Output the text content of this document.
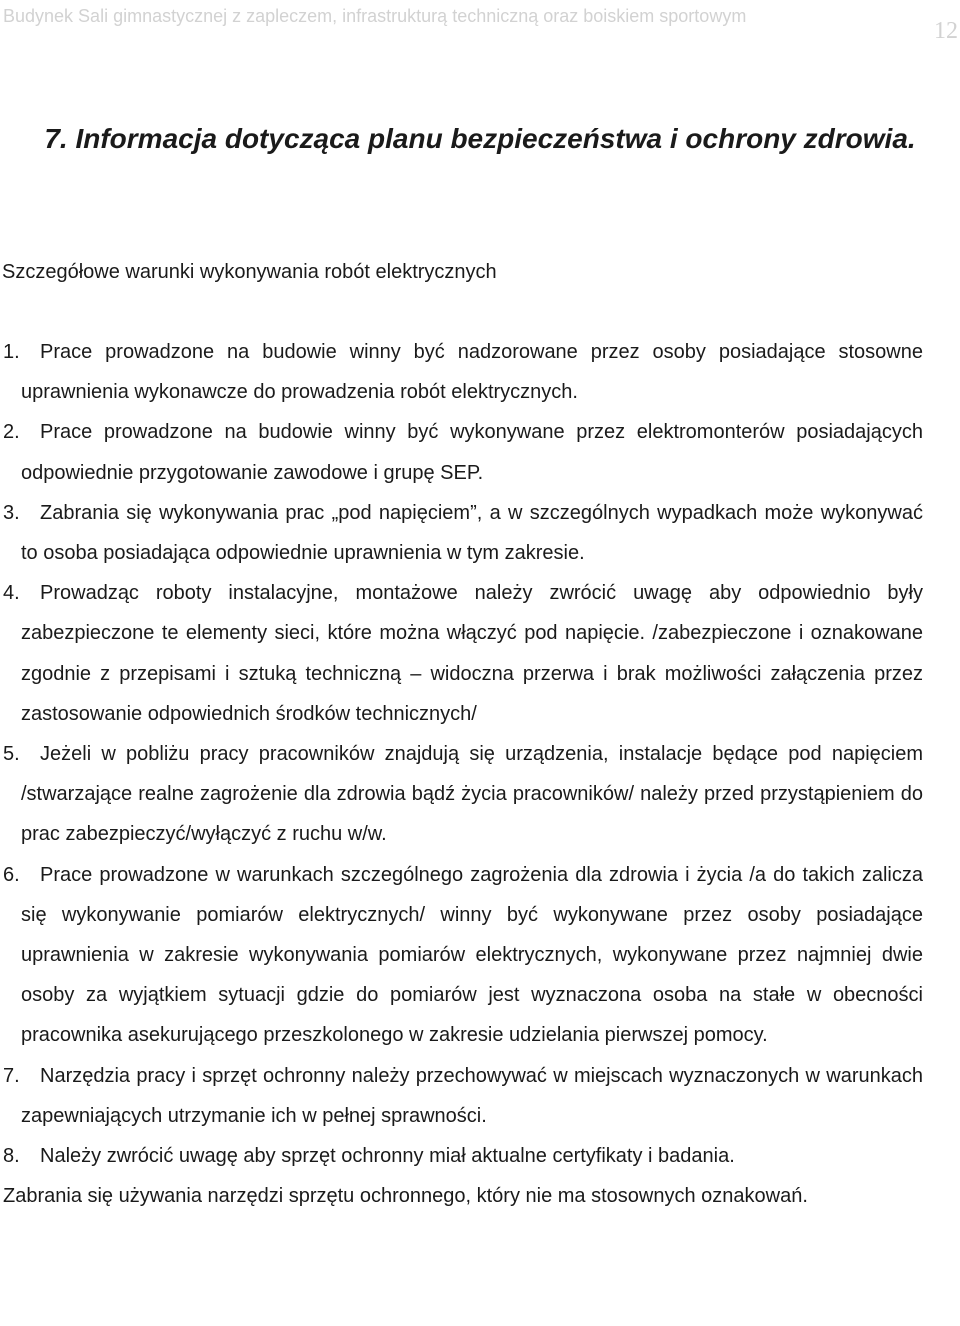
Budynek Sali gimnastycznej z zapleczem, infrastrukturą techniczną oraz boiskiem sportowym
12
7. Informacja dotycząca planu bezpieczeństwa i ochrony zdrowia.

Szczegółowe warunki wykonywania robót elektrycznych

1. Prace prowadzone na budowie winny być nadzorowane przez osoby posiadające stosowne uprawnienia wykonawcze do prowadzenia robót elektrycznych.
2. Prace prowadzone na budowie winny być wykonywane przez elektromonterów posiadających odpowiednie przygotowanie zawodowe i grupę SEP.
3. Zabrania się wykonywania prac „pod napięciem”, a w szczególnych wypadkach może wykonywać to osoba posiadająca odpowiednie uprawnienia w tym zakresie.
4. Prowadząc roboty instalacyjne, montażowe należy zwrócić uwagę aby odpowiednio były zabezpieczone te elementy sieci, które można włączyć pod napięcie. /zabezpieczone i oznakowane zgodnie z przepisami i sztuką techniczną – widoczna przerwa i brak możliwości załączenia przez zastosowanie odpowiednich środków technicznych/
5. Jeżeli w pobliżu pracy pracowników znajdują się urządzenia, instalacje będące pod napięciem /stwarzające realne zagrożenie dla zdrowia bądź życia pracowników/ należy przed przystąpieniem do prac zabezpieczyć/wyłączyć z ruchu w/w.
6. Prace prowadzone w warunkach szczególnego zagrożenia dla zdrowia i życia /a do takich zalicza się wykonywanie pomiarów elektrycznych/ winny być wykonywane przez osoby posiadające uprawnienia w zakresie wykonywania pomiarów elektrycznych, wykonywane przez najmniej dwie osoby za wyjątkiem sytuacji gdzie do pomiarów jest wyznaczona osoba na stałe w obecności pracownika asekurującego przeszkolonego w zakresie udzielania pierwszej pomocy.
7. Narzędzia pracy i sprzęt ochronny należy przechowywać w miejscach wyznaczonych w warunkach zapewniających utrzymanie ich w pełnej sprawności.
8. Należy zwrócić uwagę aby sprzęt ochronny miał aktualne certyfikaty i badania.

Zabrania się używania narzędzi sprzętu ochronnego, który nie ma stosownych oznakowań.
